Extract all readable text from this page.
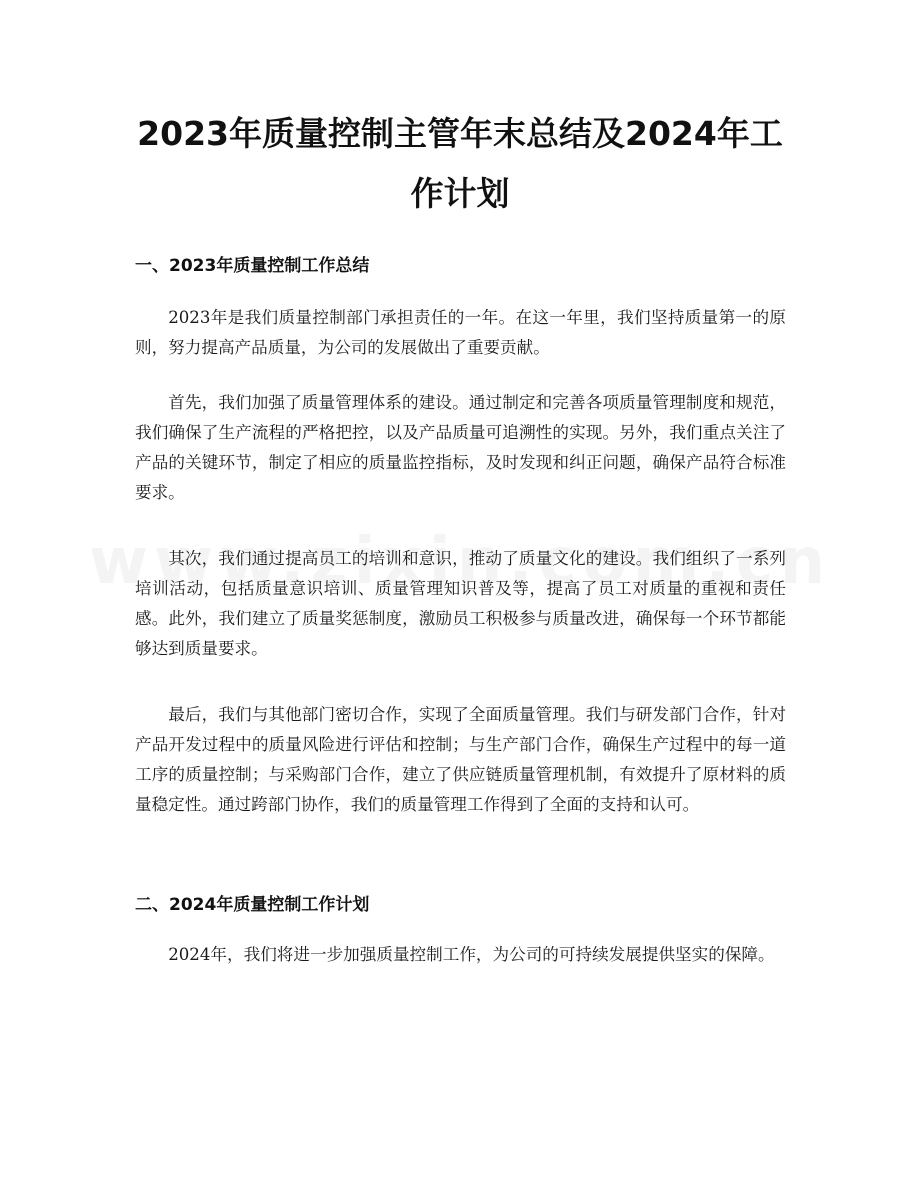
2023年质量控制主管年末总结及2024年工作计划
一、2023年质量控制工作总结

2023年是我们质量控制部门承担责任的一年。在这一年里，我们坚持质量第一的原则，努力提高产品质量，为公司的发展做出了重要贡献。

首先，我们加强了质量管理体系的建设。通过制定和完善各项质量管理制度和规范，我们确保了生产流程的严格把控，以及产品质量可追溯性的实现。另外，我们重点关注了产品的关键环节，制定了相应的质量监控指标，及时发现和纠正问题，确保产品符合标准要求。

其次，我们通过提高员工的培训和意识，推动了质量文化的建设。我们组织了一系列培训活动，包括质量意识培训、质量管理知识普及等，提高了员工对质量的重视和责任感。此外，我们建立了质量奖惩制度，激励员工积极参与质量改进，确保每一个环节都能够达到质量要求。

最后，我们与其他部门密切合作，实现了全面质量管理。我们与研发部门合作，针对产品开发过程中的质量风险进行评估和控制；与生产部门合作，确保生产过程中的每一道工序的质量控制；与采购部门合作，建立了供应链质量管理机制，有效提升了原材料的质量稳定性。通过跨部门协作，我们的质量管理工作得到了全面的支持和认可。

二、2024年质量控制工作计划

2024年，我们将进一步加强质量控制工作，为公司的可持续发展提供坚实的保障。
